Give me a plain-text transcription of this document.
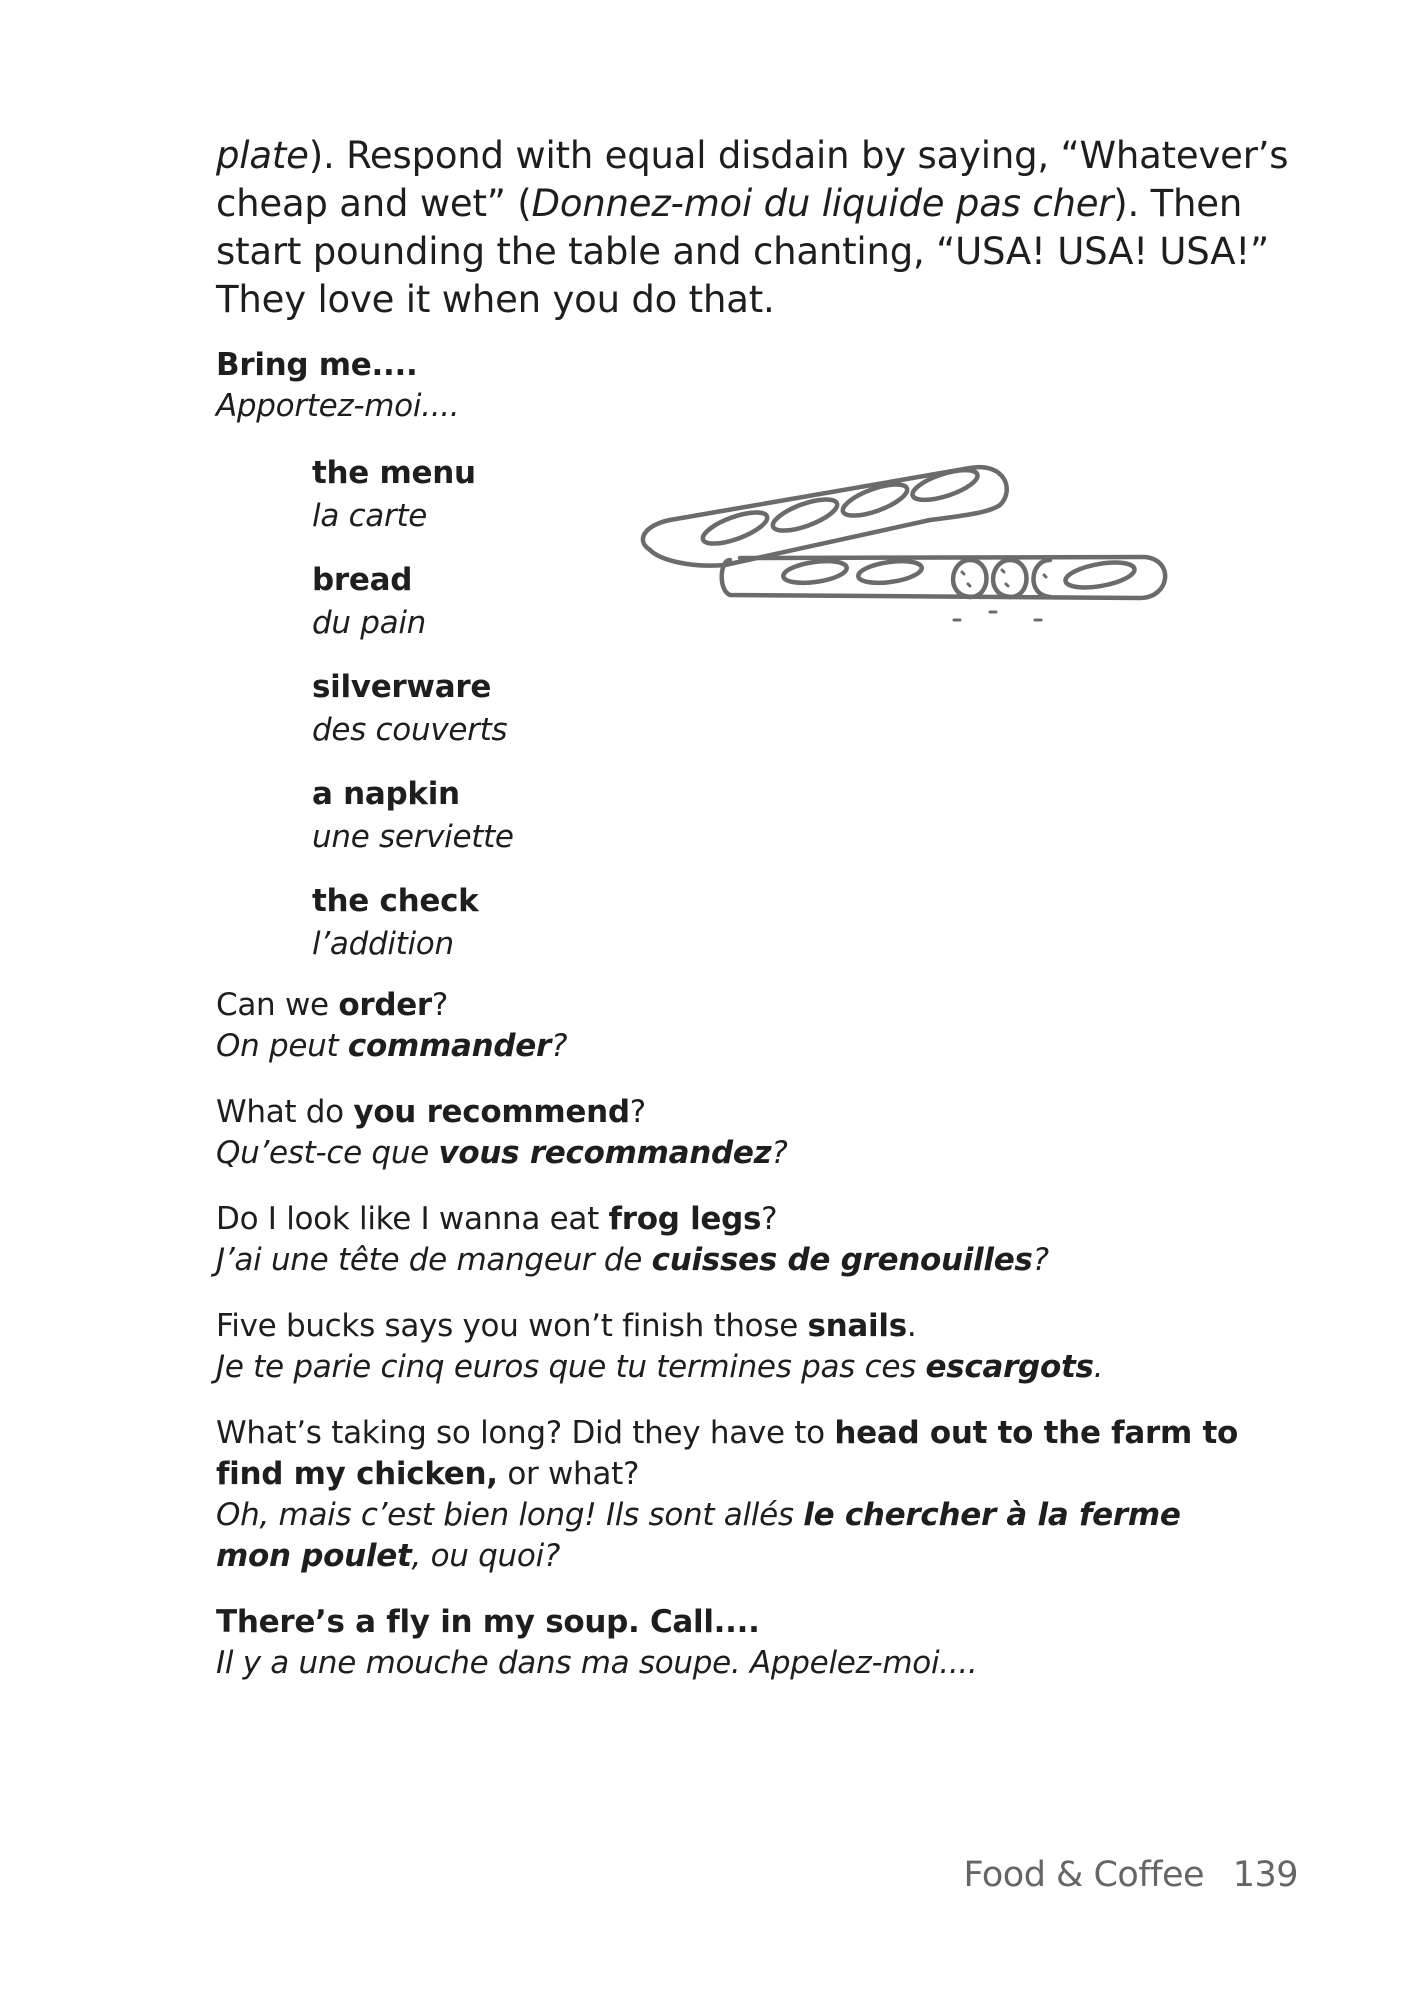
plate). Respond with equal disdain by saying, “Whatever’s cheap and wet” (Donnez-moi du liquide pas cher). Then start pounding the table and chanting, “USA! USA! USA!” They love it when you do that.

Bring me....
Apportez-moi....
the menu
la carte
bread
du pain
silverware
des couverts
a napkin
une serviette
the check
l’addition
Can we order?
On peut commander?
What do you recommend?
Qu’est-ce que vous recommandez?
Do I look like I wanna eat frog legs?
J’ai une tête de mangeur de cuisses de grenouilles?
Five bucks says you won’t finish those snails.
Je te parie cinq euros que tu termines pas ces escargots.
What’s taking so long? Did they have to head out to the farm to find my chicken, or what?
Oh, mais c’est bien long! Ils sont allés le chercher à la ferme mon poulet, ou quoi?
There’s a fly in my soup. Call....
Il y a une mouche dans ma soupe. Appelez-moi....
Food & Coffee 139
